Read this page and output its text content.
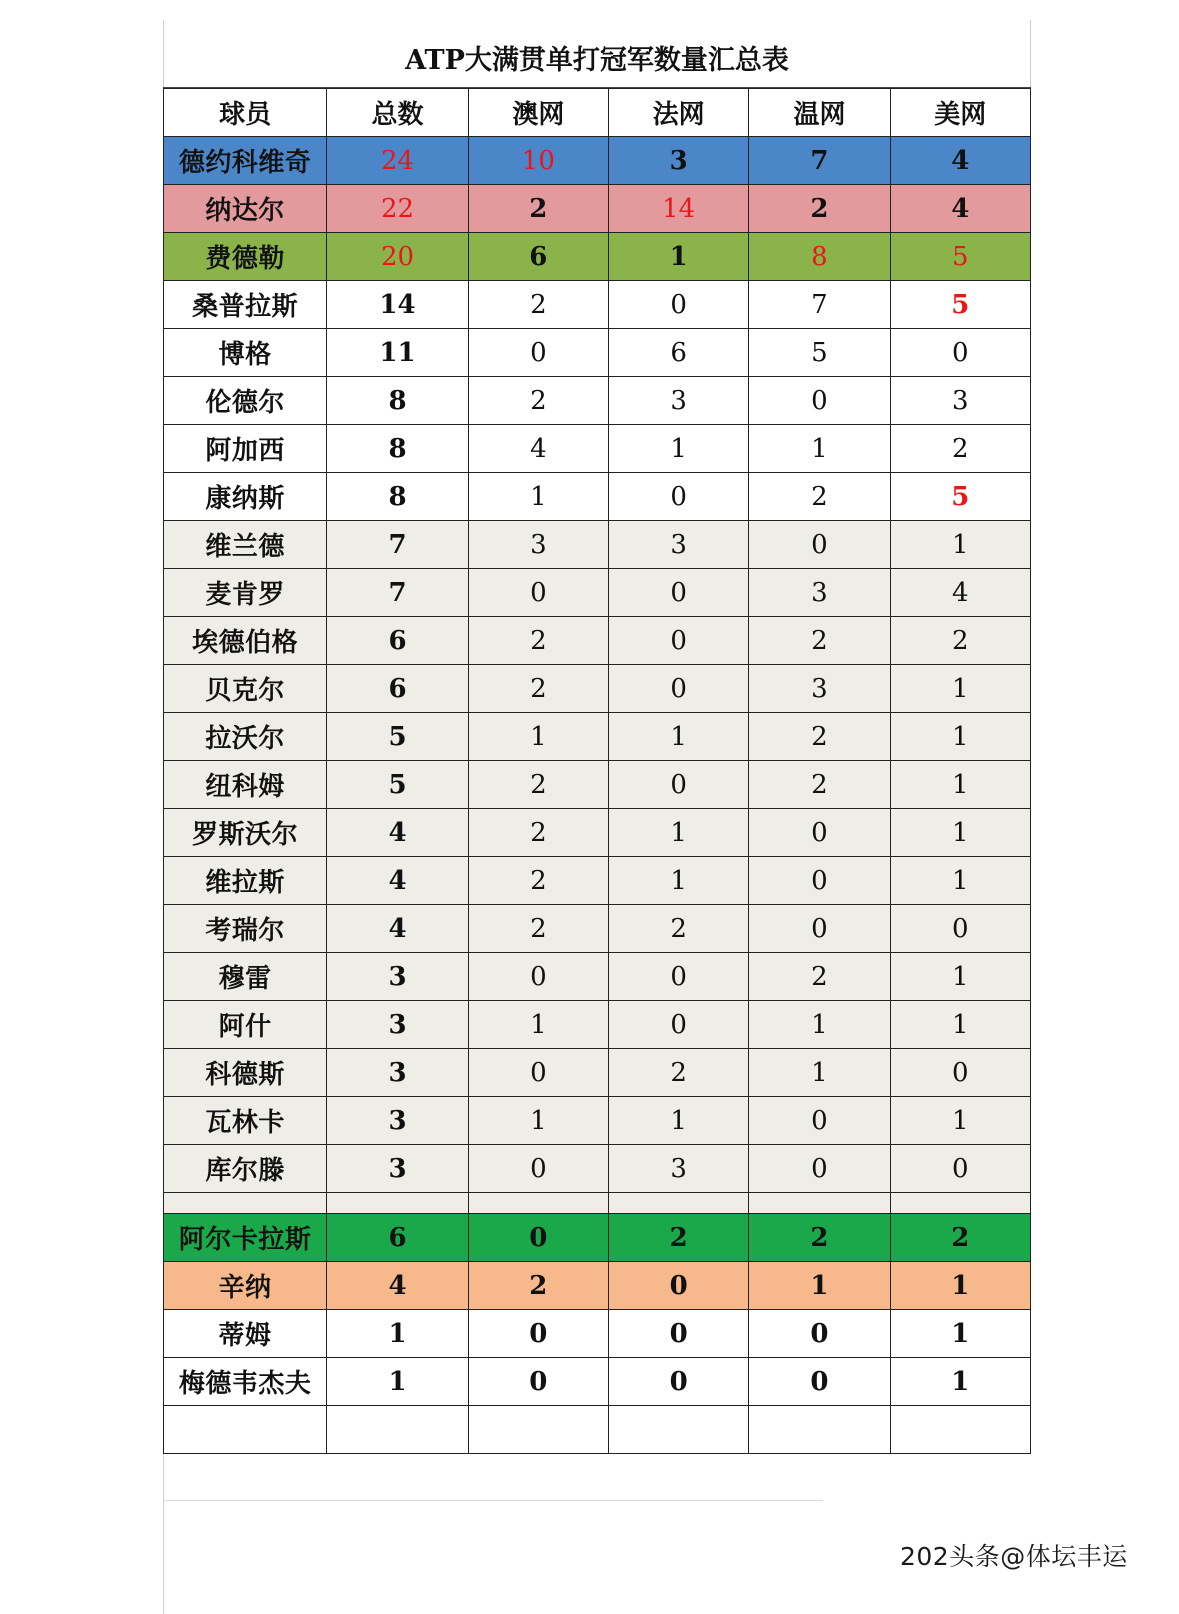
ATP大满贯单打冠军数量汇总表
球员	总数	澳网	法网	温网	美网
德约科维奇	24	10	3	7	4
纳达尔	22	2	14	2	4
费德勒	20	6	1	8	5
桑普拉斯	14	2	0	7	5
博格	11	0	6	5	0
伦德尔	8	2	3	0	3
阿加西	8	4	1	1	2
康纳斯	8	1	0	2	5
维兰德	7	3	3	0	1
麦肯罗	7	0	0	3	4
埃德伯格	6	2	0	2	2
贝克尔	6	2	0	3	1
拉沃尔	5	1	1	2	1
纽科姆	5	2	0	2	1
罗斯沃尔	4	2	1	0	1
维拉斯	4	2	1	0	1
考瑞尔	4	2	2	0	0
穆雷	3	0	0	2	1
阿什	3	1	0	1	1
科德斯	3	0	2	1	0
瓦林卡	3	1	1	0	1
库尔滕	3	0	3	0	0

阿尔卡拉斯	6	0	2	2	2
辛纳	4	2	0	1	1
蒂姆	1	0	0	0	1
梅德韦杰夫	1	0	0	0	1

202头条@体坛丰运
